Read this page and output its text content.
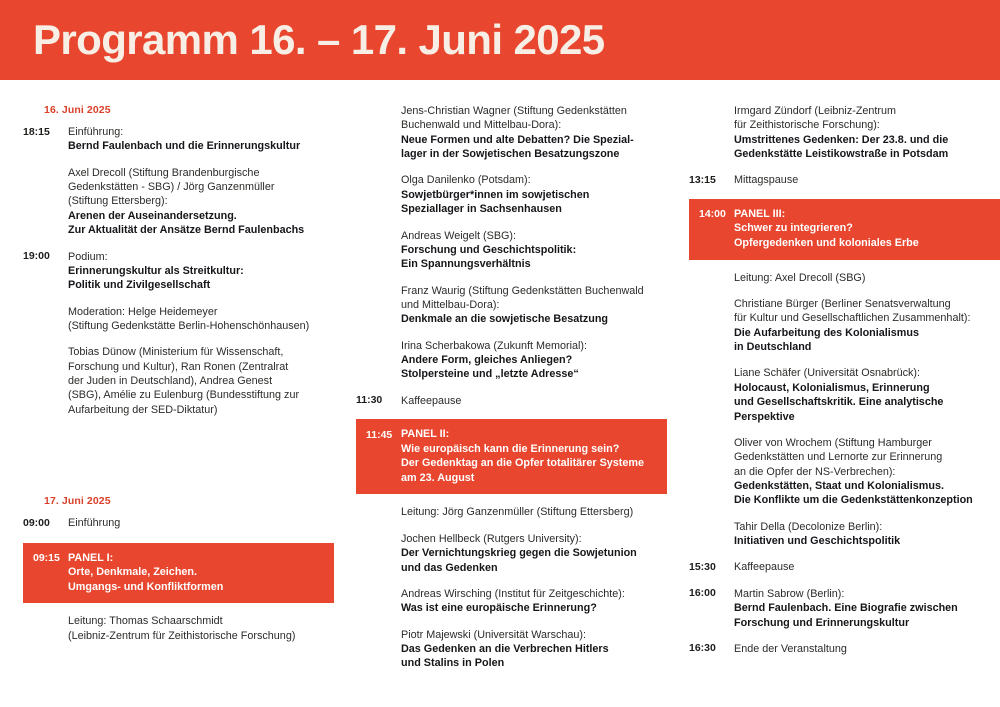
Programm 16. – 17. Juni 2025
16. Juni 2025
18:15	Einführung:
Bernd Faulenbach und die Erinnerungskultur
Axel Drecoll (Stiftung Brandenburgische
Gedenkstätten - SBG) / Jörg Ganzenmüller
(Stiftung Ettersberg):
Arenen der Auseinandersetzung.
Zur Aktualität der Ansätze Bernd Faulenbachs
19:00	Podium:
Erinnerungskultur als Streitkultur:
Politik und Zivilgesellschaft
Moderation: Helge Heidemeyer
(Stiftung Gedenkstätte Berlin-Hohenschönhausen)
Tobias Dünow (Ministerium für Wissenschaft,
Forschung und Kultur), Ran Ronen (Zentralrat
der Juden in Deutschland), Andrea Genest
(SBG), Amélie zu Eulenburg (Bundesstiftung zur
Aufarbeitung der SED-Diktatur)
17. Juni 2025
09:00	Einführung
09:15 PANEL I:
Orte, Denkmale, Zeichen.
Umgangs- und Konfliktformen
Leitung: Thomas Schaarschmidt
(Leibniz-Zentrum für Zeithistorische Forschung)
Jens-Christian Wagner (Stiftung Gedenkstätten
Buchenwald und Mittelbau-Dora):
Neue Formen und alte Debatten? Die Spezial-
lager in der Sowjetischen Besatzungszone
Olga Danilenko (Potsdam):
Sowjetbürger*innen im sowjetischen
Speziallager in Sachsenhausen
Andreas Weigelt (SBG):
Forschung und Geschichtspolitik:
Ein Spannungsverhältnis
Franz Waurig (Stiftung Gedenkstätten Buchenwald
und Mittelbau-Dora):
Denkmale an die sowjetische Besatzung
Irina Scherbakowa (Zukunft Memorial):
Andere Form, gleiches Anliegen?
Stolpersteine und „letzte Adresse“
11:30	Kaffeepause
11:45 PANEL II:
Wie europäisch kann die Erinnerung sein?
Der Gedenktag an die Opfer totalitärer Systeme
am 23. August
Leitung: Jörg Ganzenmüller (Stiftung Ettersberg)
Jochen Hellbeck (Rutgers University):
Der Vernichtungskrieg gegen die Sowjetunion
und das Gedenken
Andreas Wirsching (Institut für Zeitgeschichte):
Was ist eine europäische Erinnerung?
Piotr Majewski (Universität Warschau):
Das Gedenken an die Verbrechen Hitlers
und Stalins in Polen
Irmgard Zündorf (Leibniz-Zentrum
für Zeithistorische Forschung):
Umstrittenes Gedenken: Der 23.8. und die
Gedenkstätte Leistikowstraße in Potsdam
13:15	Mittagspause
14:00 PANEL III:
Schwer zu integrieren?
Opfergedenken und koloniales Erbe
Leitung: Axel Drecoll (SBG)
Christiane Bürger (Berliner Senatsverwaltung
für Kultur und Gesellschaftlichen Zusammenhalt):
Die Aufarbeitung des Kolonialismus
in Deutschland
Liane Schäfer (Universität Osnabrück):
Holocaust, Kolonialismus, Erinnerung
und Gesellschaftskritik. Eine analytische
Perspektive
Oliver von Wrochem (Stiftung Hamburger
Gedenkstätten und Lernorte zur Erinnerung
an die Opfer der NS-Verbrechen):
Gedenkstätten, Staat und Kolonialismus.
Die Konflikte um die Gedenkstättenkonzeption
Tahir Della (Decolonize Berlin):
Initiativen und Geschichtspolitik
15:30	Kaffeepause
16:00	Martin Sabrow (Berlin):
Bernd Faulenbach. Eine Biografie zwischen
Forschung und Erinnerungskultur
16:30	Ende der Veranstaltung
